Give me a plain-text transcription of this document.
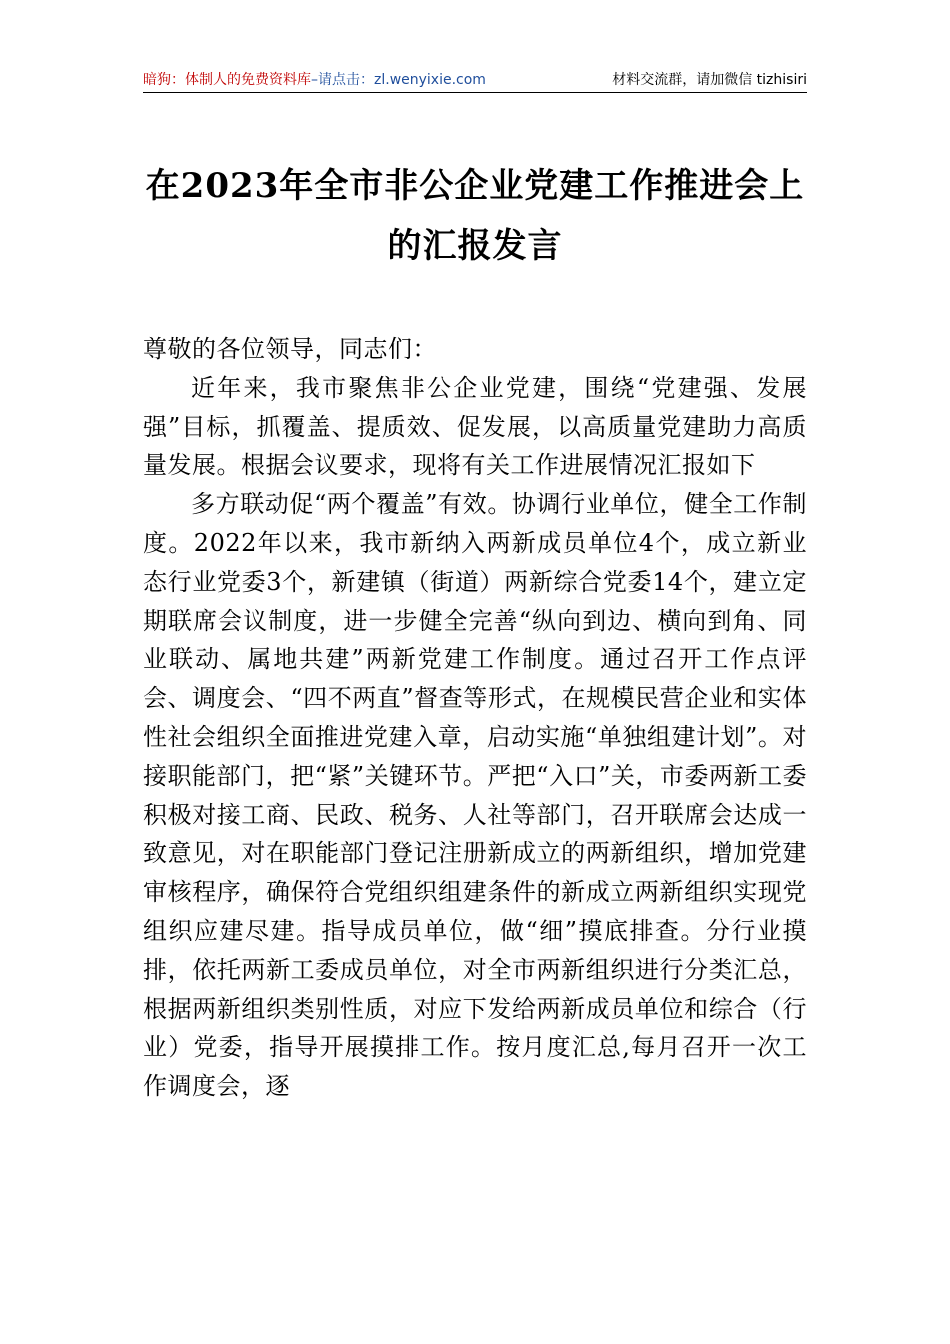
暗狗：体制人的免费资料库–请点击：zl.wenyixie.com	材料交流群，请加微信 tizhisiri
在2023年全市非公企业党建工作推进会上
的汇报发言

尊敬的各位领导，同志们：

近年来，我市聚焦非公企业党建，围绕“党建强、发展强”目标，抓覆盖、提质效、促发展，以高质量党建助力高质量发展。根据会议要求，现将有关工作进展情况汇报如下

多方联动促“两个覆盖”有效。协调行业单位，健全工作制度。2022年以来，我市新纳入两新成员单位4个，成立新业态行业党委3个，新建镇（街道）两新综合党委14个，建立定期联席会议制度，进一步健全完善“纵向到边、横向到角、同业联动、属地共建”两新党建工作制度。通过召开工作点评会、调度会、“四不两直”督查等形式，在规模民营企业和实体性社会组织全面推进党建入章，启动实施“单独组建计划”。对接职能部门，把“紧”关键环节。严把“入口”关，市委两新工委积极对接工商、民政、税务、人社等部门，召开联席会达成一致意见，对在职能部门登记注册新成立的两新组织，增加党建审核程序，确保符合党组织组建条件的新成立两新组织实现党组织应建尽建。指导成员单位，做“细”摸底排查。分行业摸排，依托两新工委成员单位，对全市两新组织进行分类汇总，根据两新组织类别性质，对应下发给两新成员单位和综合（行业）党委，指导开展摸排工作。按月度汇总,每月召开一次工作调度会，逐
